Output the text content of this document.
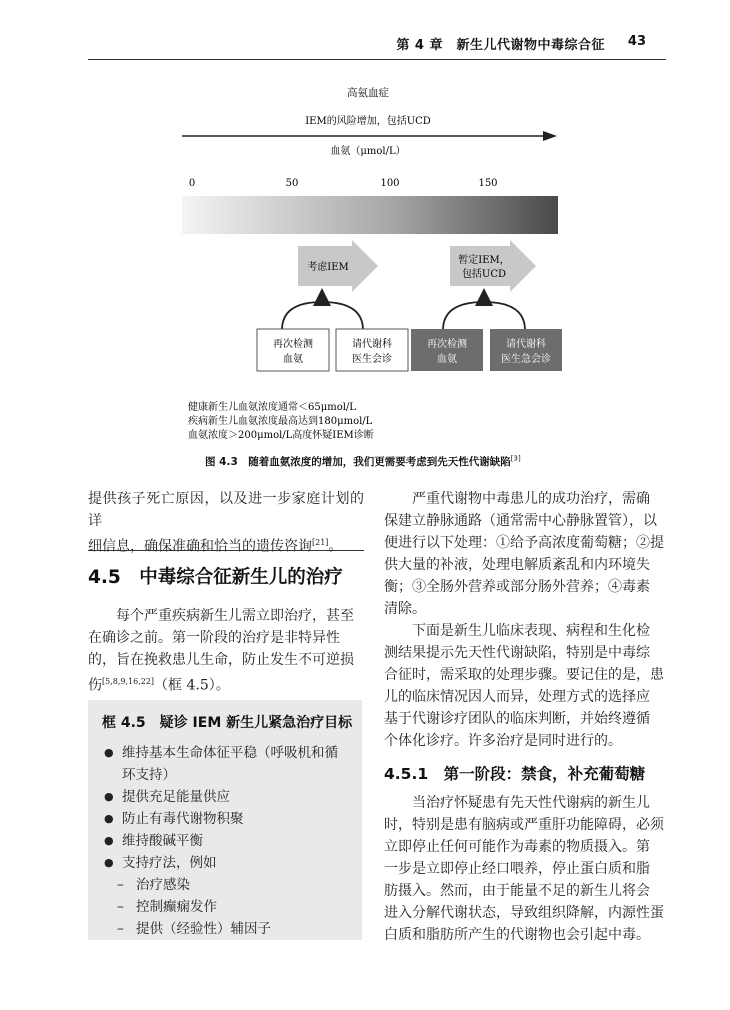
第 4 章　新生儿代谢物中毒综合征 43
高氨血症
IEM的风险增加，包括UCD
血氨（μmol/L）
0	50	100	150
考虑IEM
暂定IEM，
包括UCD
再次检测
血氨
请代谢科
医生会诊
再次检测
血氨
请代谢科
医生急会诊
健康新生儿血氨浓度通常＜65μmol/L
疾病新生儿血氨浓度最高达到180μmol/L
血氨浓度＞200μmol/L高度怀疑IEM诊断
图 4.3　随着血氨浓度的增加，我们更需要考虑到先天性代谢缺陷[3]

提供孩子死亡原因，以及进一步家庭计划的详

细信息，确保准确和恰当的遗传咨询[21]。

4.5　中毒综合征新生儿的治疗

　　每个严重疾病新生儿需立即治疗，甚至

在确诊之前。第一阶段的治疗是非特异性

的，旨在挽救患儿生命，防止发生不可逆损

伤[5,8,9,16,22]（框 4.5）。

框 4.5　疑诊 IEM 新生儿紧急治疗目标
● 维持基本生命体征平稳（呼吸机和循
环支持）
● 提供充足能量供应
● 防止有毒代谢物积聚
● 维持酸碱平衡
● 支持疗法，例如
– 治疗感染
– 控制癫痫发作
– 提供（经验性）辅因子

　　严重代谢物中毒患儿的成功治疗，需确

保建立静脉通路（通常需中心静脉置管），以

便进行以下处理：①给予高浓度葡萄糖；②提

供大量的补液，处理电解质紊乱和内环境失

衡；③全肠外营养或部分肠外营养；④毒素

清除。

　　下面是新生儿临床表现、病程和生化检

测结果提示先天性代谢缺陷，特别是中毒综

合征时，需采取的处理步骤。要记住的是，患

儿的临床情况因人而异，处理方式的选择应

基于代谢诊疗团队的临床判断，并始终遵循

个体化诊疗。许多治疗是同时进行的。

4.5.1　第一阶段：禁食，补充葡萄糖

　　当治疗怀疑患有先天性代谢病的新生儿

时，特别是患有脑病或严重肝功能障碍，必须

立即停止任何可能作为毒素的物质摄入。第

一步是立即停止经口喂养，停止蛋白质和脂

肪摄入。然而，由于能量不足的新生儿将会

进入分解代谢状态，导致组织降解，内源性蛋

白质和脂肪所产生的代谢物也会引起中毒。
